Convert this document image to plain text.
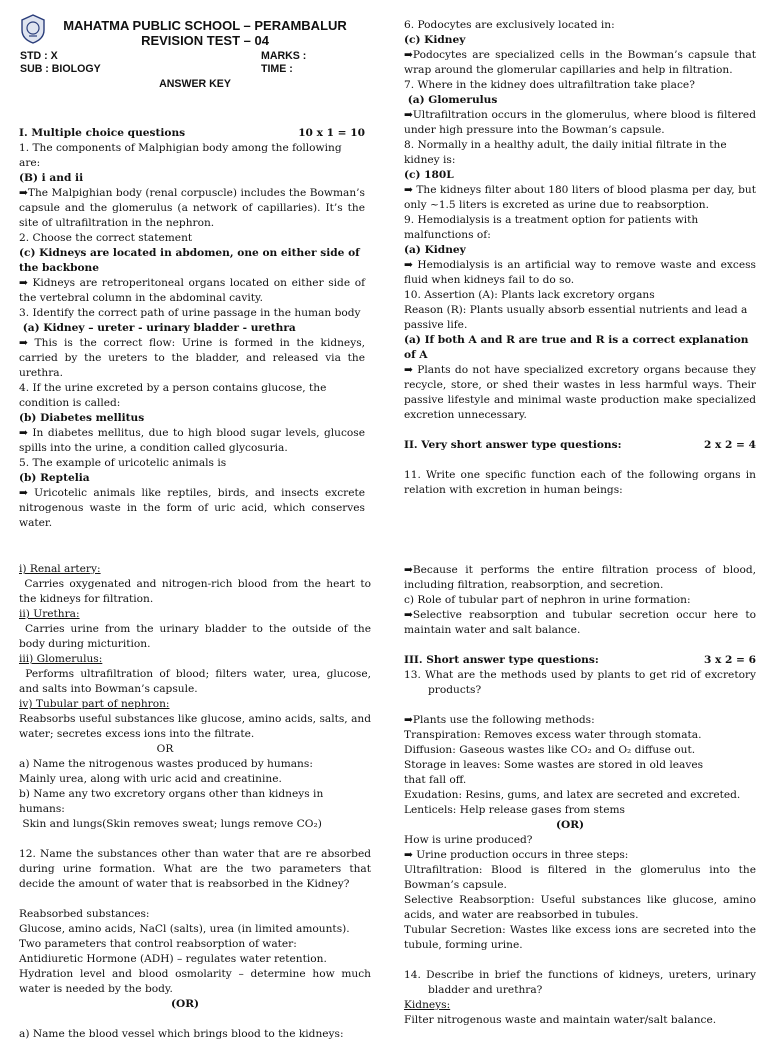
MAHATMA PUBLIC SCHOOL – PERAMBALUR
REVISION TEST – 04
STD : X	MARKS :
SUB : BIOLOGY	TIME :
ANSWER KEY
I. Multiple choice questions	10 x 1 = 10
1. The components of Malphigian body among the following are:
(B) i and ii
➡The Malpighian body (renal corpuscle) includes the Bowman’s capsule and the glomerulus (a network of capillaries). It’s the site of ultrafiltration in the nephron.
2. Choose the correct statement
(c) Kidneys are located in abdomen, one on either side of the backbone
➡ Kidneys are retroperitoneal organs located on either side of the vertebral column in the abdominal cavity.
3. Identify the correct path of urine passage in the human body
(a) Kidney – ureter - urinary bladder - urethra
➡ This is the correct flow: Urine is formed in the kidneys, carried by the ureters to the bladder, and released via the urethra.
4. If the urine excreted by a person contains glucose, the condition is called:
(b) Diabetes mellitus
➡ In diabetes mellitus, due to high blood sugar levels, glucose spills into the urine, a condition called glycosuria.
5. The example of uricotelic animals is
(b) Reptelia
➡ Uricotelic animals like reptiles, birds, and insects excrete nitrogenous waste in the form of uric acid, which conserves water.
6. Podocytes are exclusively located in:
(c) Kidney
➡Podocytes are specialized cells in the Bowman’s capsule that wrap around the glomerular capillaries and help in filtration.
7. Where in the kidney does ultrafiltration take place?
(a) Glomerulus
➡Ultrafiltration occurs in the glomerulus, where blood is filtered under high pressure into the Bowman’s capsule.
8. Normally in a healthy adult, the daily initial filtrate in the kidney is:
(c) 180L
➡ The kidneys filter about 180 liters of blood plasma per day, but only ~1.5 liters is excreted as urine due to reabsorption.
9. Hemodialysis is a treatment option for patients with malfunctions of:
(a) Kidney
➡ Hemodialysis is an artificial way to remove waste and excess fluid when kidneys fail to do so.
10. Assertion (A): Plants lack excretory organs
Reason (R): Plants usually absorb essential nutrients and lead a passive life.
(a) If both A and R are true and R is a correct explanation of A
➡ Plants do not have specialized excretory organs because they recycle, store, or shed their wastes in less harmful ways. Their passive lifestyle and minimal waste production make specialized excretion unnecessary.
II. Very short answer type questions:	2 x 2 = 4
11. Write one specific function each of the following organs in relation with excretion in human beings:
i) Renal artery:
Carries oxygenated and nitrogen-rich blood from the heart to the kidneys for filtration.
ii) Urethra:
Carries urine from the urinary bladder to the outside of the body during micturition.
iii) Glomerulus:
Performs ultrafiltration of blood; filters water, urea, glucose, and salts into Bowman’s capsule.
iv) Tubular part of nephron:
Reabsorbs useful substances like glucose, amino acids, salts, and water; secretes excess ions into the filtrate.
OR
a) Name the nitrogenous wastes produced by humans:
Mainly urea, along with uric acid and creatinine.
b) Name any two excretory organs other than kidneys in humans:
Skin and lungs(Skin removes sweat; lungs remove CO₂)
12. Name the substances other than water that are re absorbed during urine formation. What are the two parameters that decide the amount of water that is reabsorbed in the Kidney?
Reabsorbed substances:
Glucose, amino acids, NaCl (salts), urea (in limited amounts).
Two parameters that control reabsorption of water:
Antidiuretic Hormone (ADH) – regulates water retention.
Hydration level and blood osmolarity – determine how much water is needed by the body.
(OR)
a) Name the blood vessel which brings blood to the kidneys:
➡Because it performs the entire filtration process of blood, including filtration, reabsorption, and secretion.
c) Role of tubular part of nephron in urine formation:
➡Selective reabsorption and tubular secretion occur here to maintain water and salt balance.
III. Short answer type questions:	3 x 2 = 6
13. What are the methods used by plants to get rid of excretory products?
➡Plants use the following methods:
Transpiration: Removes excess water through stomata.
Diffusion: Gaseous wastes like CO₂ and O₂ diffuse out.
Storage in leaves: Some wastes are stored in old leaves
that fall off.
Exudation: Resins, gums, and latex are secreted and excreted.
Lenticels: Help release gases from stems
(OR)
How is urine produced?
➡ Urine production occurs in three steps:
Ultrafiltration: Blood is filtered in the glomerulus into the Bowman’s capsule.
Selective Reabsorption: Useful substances like glucose, amino acids, and water are reabsorbed in tubules.
Tubular Secretion: Wastes like excess ions are secreted into the tubule, forming urine.
14. Describe in brief the functions of kidneys, ureters, urinary bladder and urethra?
Kidneys:
Filter nitrogenous waste and maintain water/salt balance.
